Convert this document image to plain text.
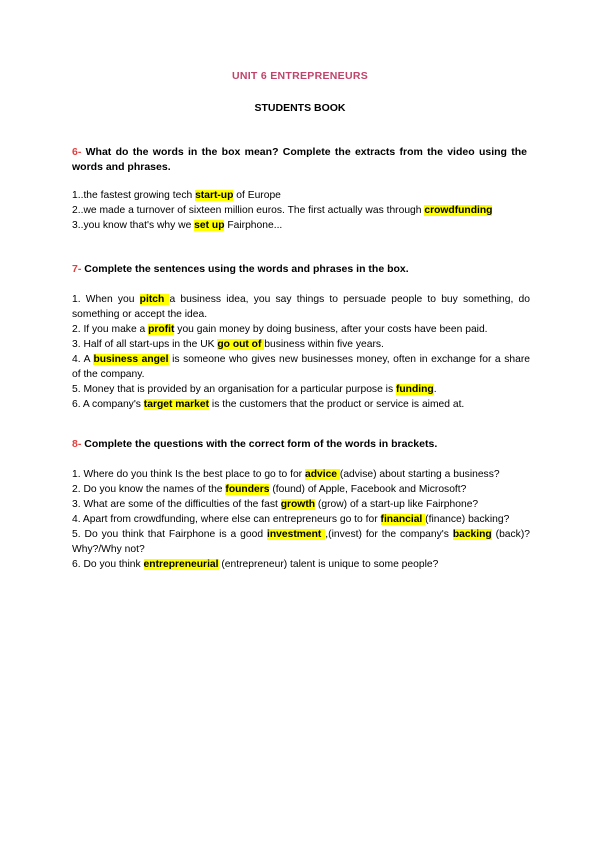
UNIT 6 ENTREPRENEURS
STUDENTS BOOK
6- What do the words in the box mean? Complete the extracts from the video using the words and phrases.

1..the fastest growing tech start-up of Europe

2..we made a turnover of sixteen million euros. The first actually was through crowdfunding

3..you know that's why we set up Fairphone...

7- Complete the sentences using the words and phrases in the box.

1. When you pitch a business idea, you say things to persuade people to buy something, do something or accept the idea.

2. If you make a profit you gain money by doing business, after your costs have been paid.

3. Half of all start-ups in the UK go out of business within five years.

4. A business angel is someone who gives new businesses money, often in exchange for a share of the company.

5. Money that is provided by an organisation for a particular purpose is funding.

6. A company's target market is the customers that the product or service is aimed at.

8- Complete the questions with the correct form of the words in brackets.

1. Where do you think Is the best place to go to for advice (advise) about starting a business?

2. Do you know the names of the founders (found) of Apple, Facebook and Microsoft?

3. What are some of the difficulties of the fast growth (grow) of a start-up like Fairphone?

4. Apart from crowdfunding, where else can entrepreneurs go to for financial (finance) backing?

5. Do you think that Fairphone is a good investment ,(invest) for the company's backing (back)? Why?/Why not?

6. Do you think entrepreneurial (entrepreneur) talent is unique to some people?
